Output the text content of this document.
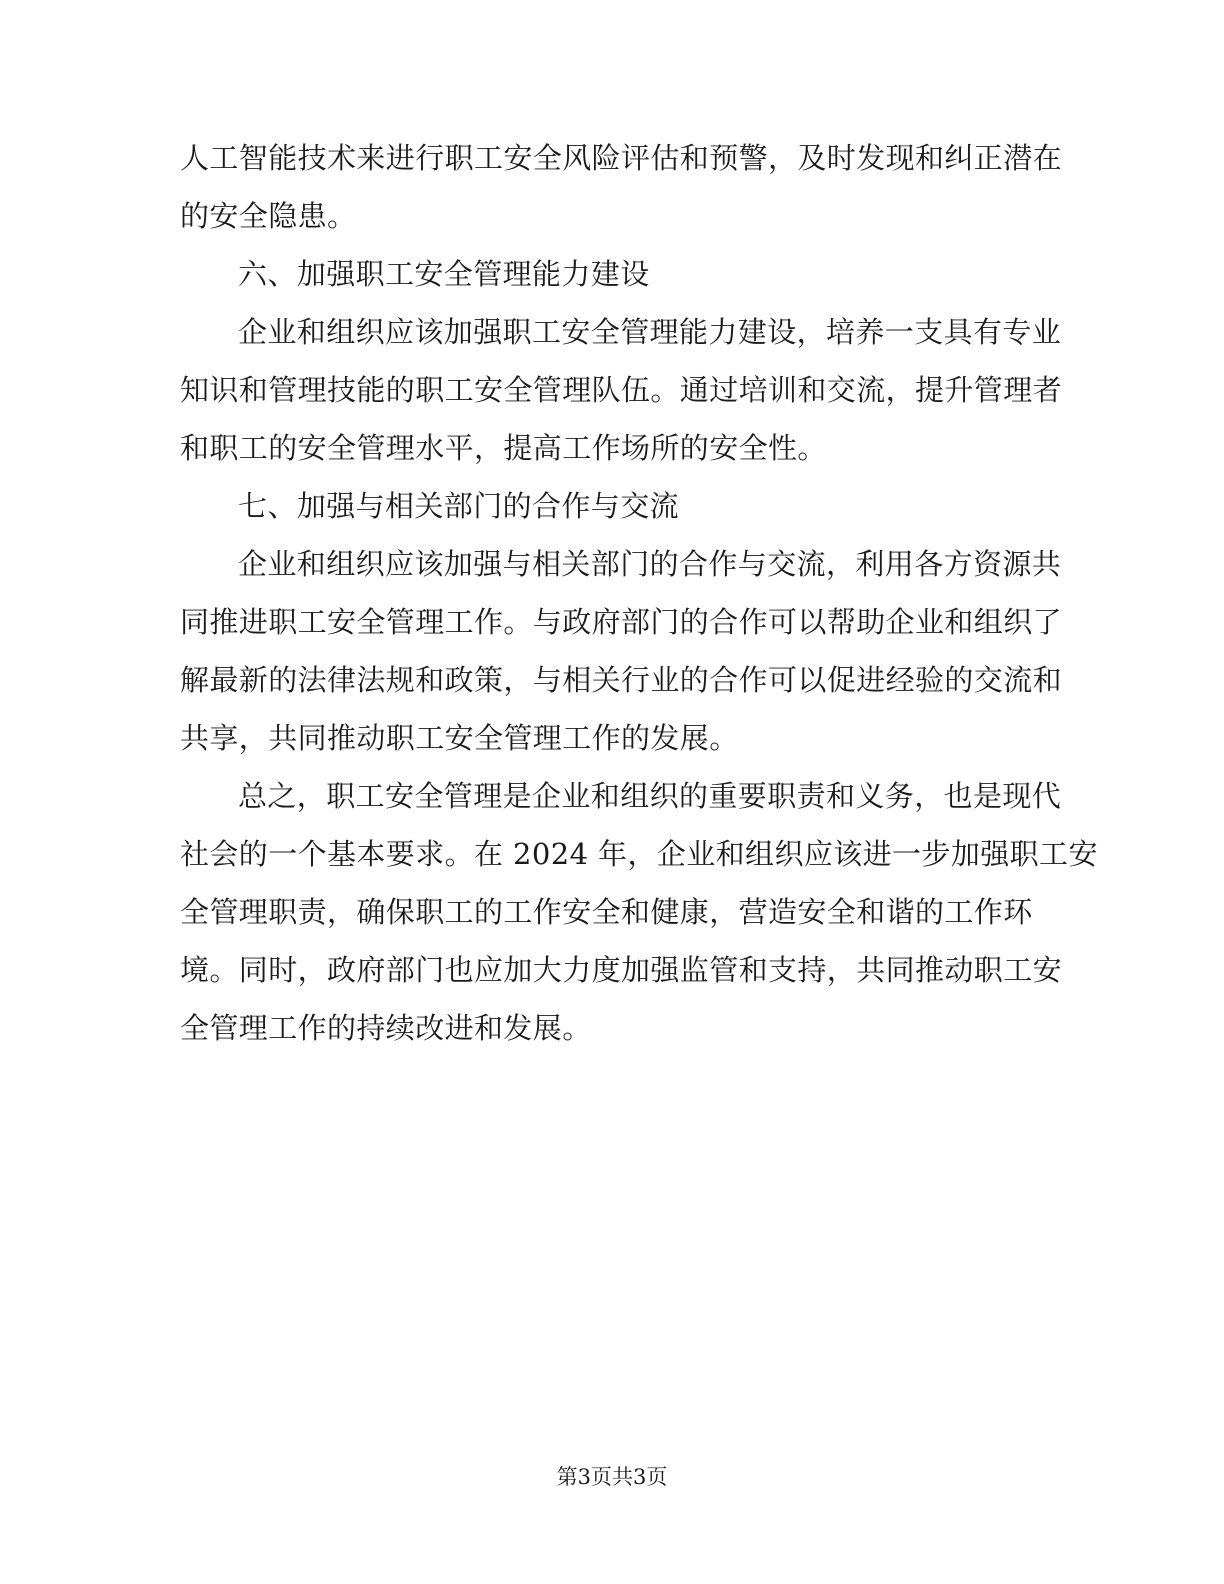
人工智能技术来进行职工安全风险评估和预警，及时发现和纠正潜在
的安全隐患。
六、加强职工安全管理能力建设
企业和组织应该加强职工安全管理能力建设，培养一支具有专业
知识和管理技能的职工安全管理队伍。通过培训和交流，提升管理者
和职工的安全管理水平，提高工作场所的安全性。
七、加强与相关部门的合作与交流
企业和组织应该加强与相关部门的合作与交流，利用各方资源共
同推进职工安全管理工作。与政府部门的合作可以帮助企业和组织了
解最新的法律法规和政策，与相关行业的合作可以促进经验的交流和
共享，共同推动职工安全管理工作的发展。
总之，职工安全管理是企业和组织的重要职责和义务，也是现代
社会的一个基本要求。在 2024 年，企业和组织应该进一步加强职工安
全管理职责，确保职工的工作安全和健康，营造安全和谐的工作环
境。同时，政府部门也应加大力度加强监管和支持，共同推动职工安
全管理工作的持续改进和发展。
第3页共3页
